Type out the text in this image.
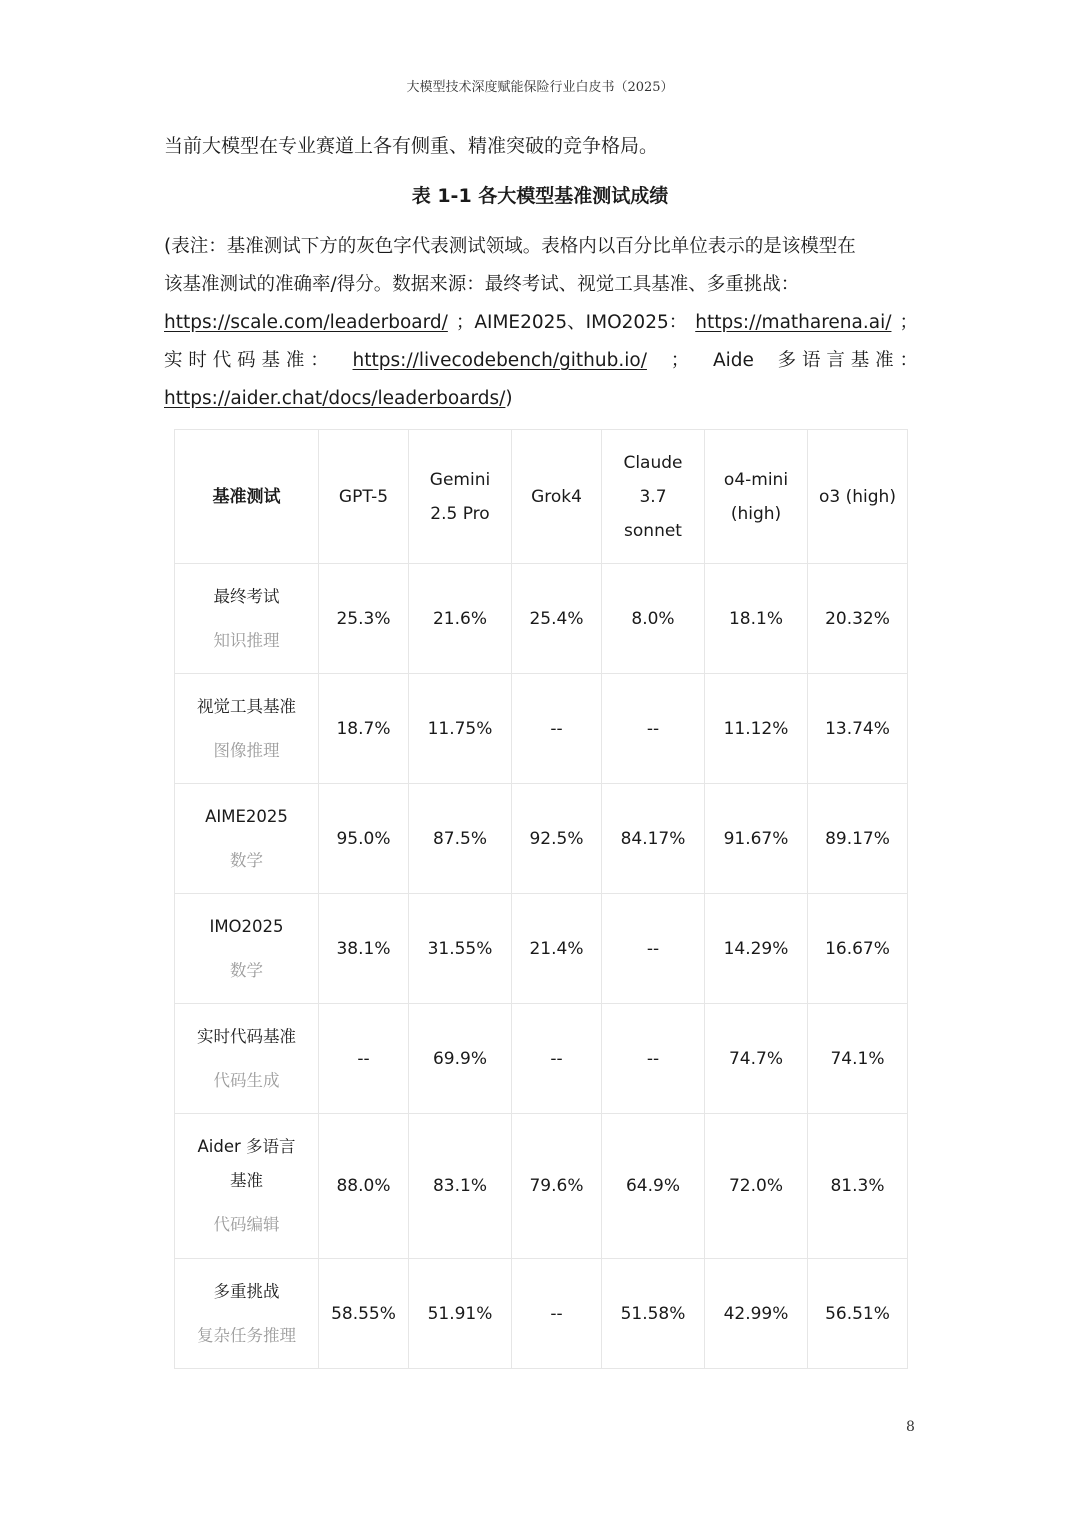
大模型技术深度赋能保险行业白皮书（2025）
当前大模型在专业赛道上各有侧重、精准突破的竞争格局。
表 1-1 各大模型基准测试成绩
(表注：基准测试下方的灰色字代表测试领域。表格内以百分比单位表示的是该模型在
该基准测试的准确率/得分。数据来源：最终考试、视觉工具基准、多重挑战：
https://scale.com/leaderboard/ ；AIME2025、IMO2025： https://matharena.ai/ ；
实 时 代 码 基 准 ： https://livecodebench/github.io/ ； Aide 多 语 言 基 准 ：
https://aider.chat/docs/leaderboards/)
基准测试	GPT-5	Gemini
2.5 Pro	Grok4	Claude
3.7
sonnet	o4-mini
(high)	o3 (high)

最终考试
知识推理	25.3%	21.6%	25.4%	8.0%	18.1%	20.32%

视觉工具基准
图像推理	18.7%	11.75%	--	--	11.12%	13.74%

AIME2025
数学	95.0%	87.5%	92.5%	84.17%	91.67%	89.17%

IMO2025
数学	38.1%	31.55%	21.4%	--	14.29%	16.67%

实时代码基准
代码生成	--	69.9%	--	--	74.7%	74.1%

Aider 多语言
基准
代码编辑	88.0%	83.1%	79.6%	64.9%	72.0%	81.3%

多重挑战
复杂任务推理	58.55%	51.91%	--	51.58%	42.99%	56.51%
8
